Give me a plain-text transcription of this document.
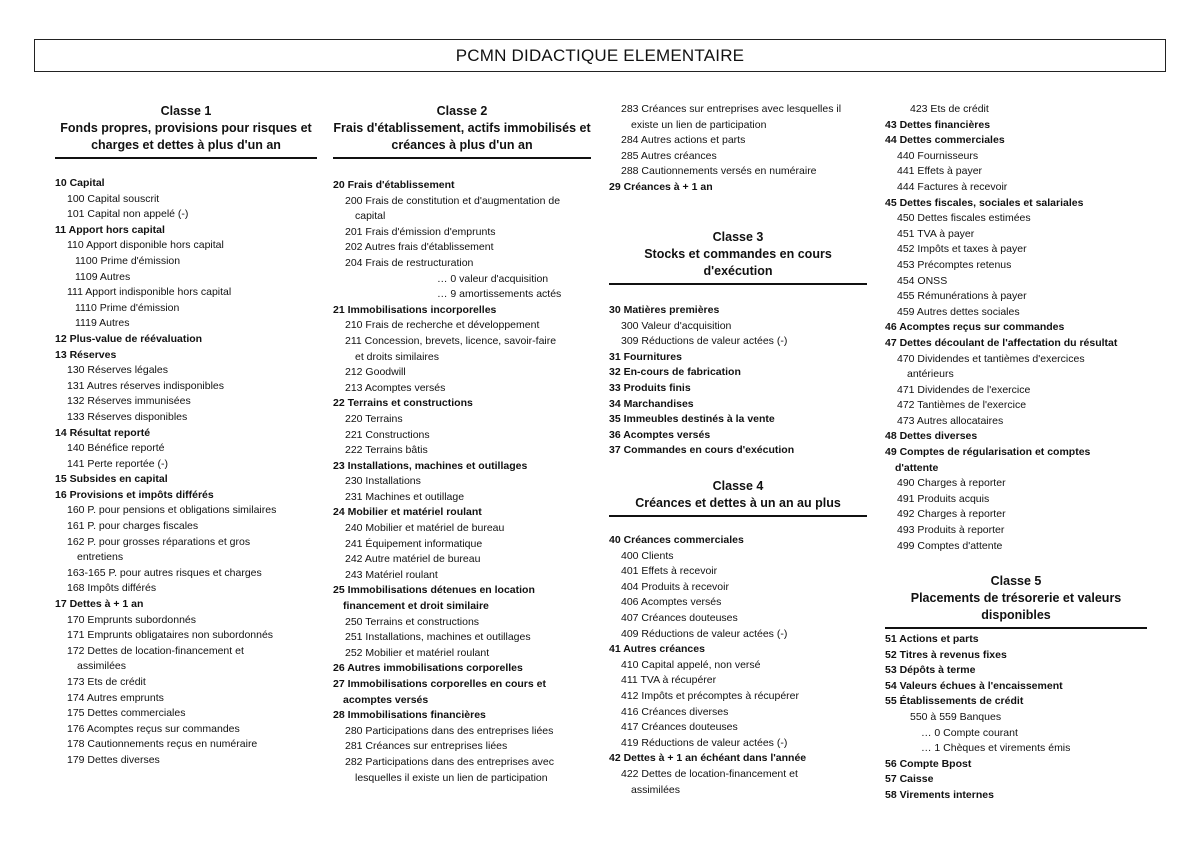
PCMN DIDACTIQUE ELEMENTAIRE
Classe 1
Fonds propres, provisions pour risques et charges et dettes à plus d'un an
10 Capital
100 Capital souscrit
101 Capital non appelé (-)
11 Apport hors capital
110 Apport disponible hors capital
1100 Prime d'émission
1109 Autres
111 Apport indisponible hors capital
1110 Prime d'émission
1119 Autres
12 Plus-value de réévaluation
13 Réserves
130 Réserves légales
131 Autres réserves indisponibles
132 Réserves immunisées
133 Réserves disponibles
14 Résultat reporté
140 Bénéfice reporté
141 Perte reportée (-)
15 Subsides en capital
16 Provisions et impôts différés
160 P. pour pensions et obligations similaires
161 P. pour charges fiscales
162 P. pour grosses réparations et gros
entretiens
163-165 P. pour autres risques et charges
168 Impôts différés
17 Dettes à + 1 an
170 Emprunts subordonnés
171 Emprunts obligataires non subordonnés
172 Dettes de location-financement et
assimilées
173 Ets de crédit
174 Autres emprunts
175 Dettes commerciales
176 Acomptes reçus sur commandes
178 Cautionnements reçus en numéraire
179 Dettes diverses
Classe 2
Frais d'établissement, actifs immobilisés et créances à plus d'un an
20 Frais d'établissement
200 Frais de constitution et d'augmentation de
capital
201 Frais d'émission d'emprunts
202 Autres frais d'établissement
204 Frais de restructuration
… 0 valeur d'acquisition
… 9 amortissements actés
21 Immobilisations incorporelles
210 Frais de recherche et développement
211 Concession, brevets, licence, savoir-faire
et droits similaires
212 Goodwill
213 Acomptes versés
22 Terrains et constructions
220 Terrains
221 Constructions
222 Terrains bâtis
23 Installations, machines et outillages
230 Installations
231 Machines et outillage
24 Mobilier et matériel roulant
240 Mobilier et matériel de bureau
241 Équipement informatique
242 Autre matériel de bureau
243 Matériel roulant
25 Immobilisations détenues en location
financement et droit similaire
250 Terrains et constructions
251 Installations, machines et outillages
252 Mobilier et matériel roulant
26 Autres immobilisations corporelles
27 Immobilisations corporelles en cours et
acomptes versés
28 Immobilisations financières
280 Participations dans des entreprises liées
281 Créances sur entreprises liées
282 Participations dans des entreprises avec
lesquelles il existe un lien de participation
283 Créances sur entreprises avec lesquelles il
existe un lien de participation
284 Autres actions et parts
285 Autres créances
288 Cautionnements versés en numéraire
29 Créances à + 1 an
Classe 3
Stocks et commandes en cours d'exécution
30 Matières premières
300 Valeur d'acquisition
309 Réductions de valeur actées (-)
31 Fournitures
32 En-cours de fabrication
33 Produits finis
34 Marchandises
35 Immeubles destinés à la vente
36 Acomptes versés
37 Commandes en cours d'exécution
Classe 4
Créances et dettes à un an au plus
40 Créances commerciales
400 Clients
401 Effets à recevoir
404 Produits à recevoir
406 Acomptes versés
407 Créances douteuses
409 Réductions de valeur actées (-)
41 Autres créances
410 Capital appelé, non versé
411 TVA à récupérer
412 Impôts et précomptes à récupérer
416 Créances diverses
417 Créances douteuses
419 Réductions de valeur actées (-)
42 Dettes à + 1 an échéant dans l'année
422 Dettes de location-financement et
assimilées
423 Ets de crédit
43 Dettes financières
44 Dettes commerciales
440 Fournisseurs
441 Effets à payer
444 Factures à recevoir
45 Dettes fiscales, sociales et salariales
450 Dettes fiscales estimées
451 TVA à payer
452 Impôts et taxes à payer
453 Précomptes retenus
454 ONSS
455 Rémunérations à payer
459 Autres dettes sociales
46 Acomptes reçus sur commandes
47 Dettes découlant de l'affectation du résultat
470 Dividendes et tantièmes d'exercices
antérieurs
471 Dividendes de l'exercice
472 Tantièmes de l'exercice
473 Autres allocataires
48 Dettes diverses
49 Comptes de régularisation et comptes
d'attente
490 Charges à reporter
491 Produits acquis
492 Charges à reporter
493 Produits à reporter
499 Comptes d'attente
Classe 5
Placements de trésorerie et valeurs disponibles
51 Actions et parts
52 Titres à revenus fixes
53 Dépôts à terme
54 Valeurs échues à l'encaissement
55 Établissements de crédit
550 à 559 Banques
… 0 Compte courant
… 1 Chèques et virements émis
56 Compte Bpost
57 Caisse
58 Virements internes
